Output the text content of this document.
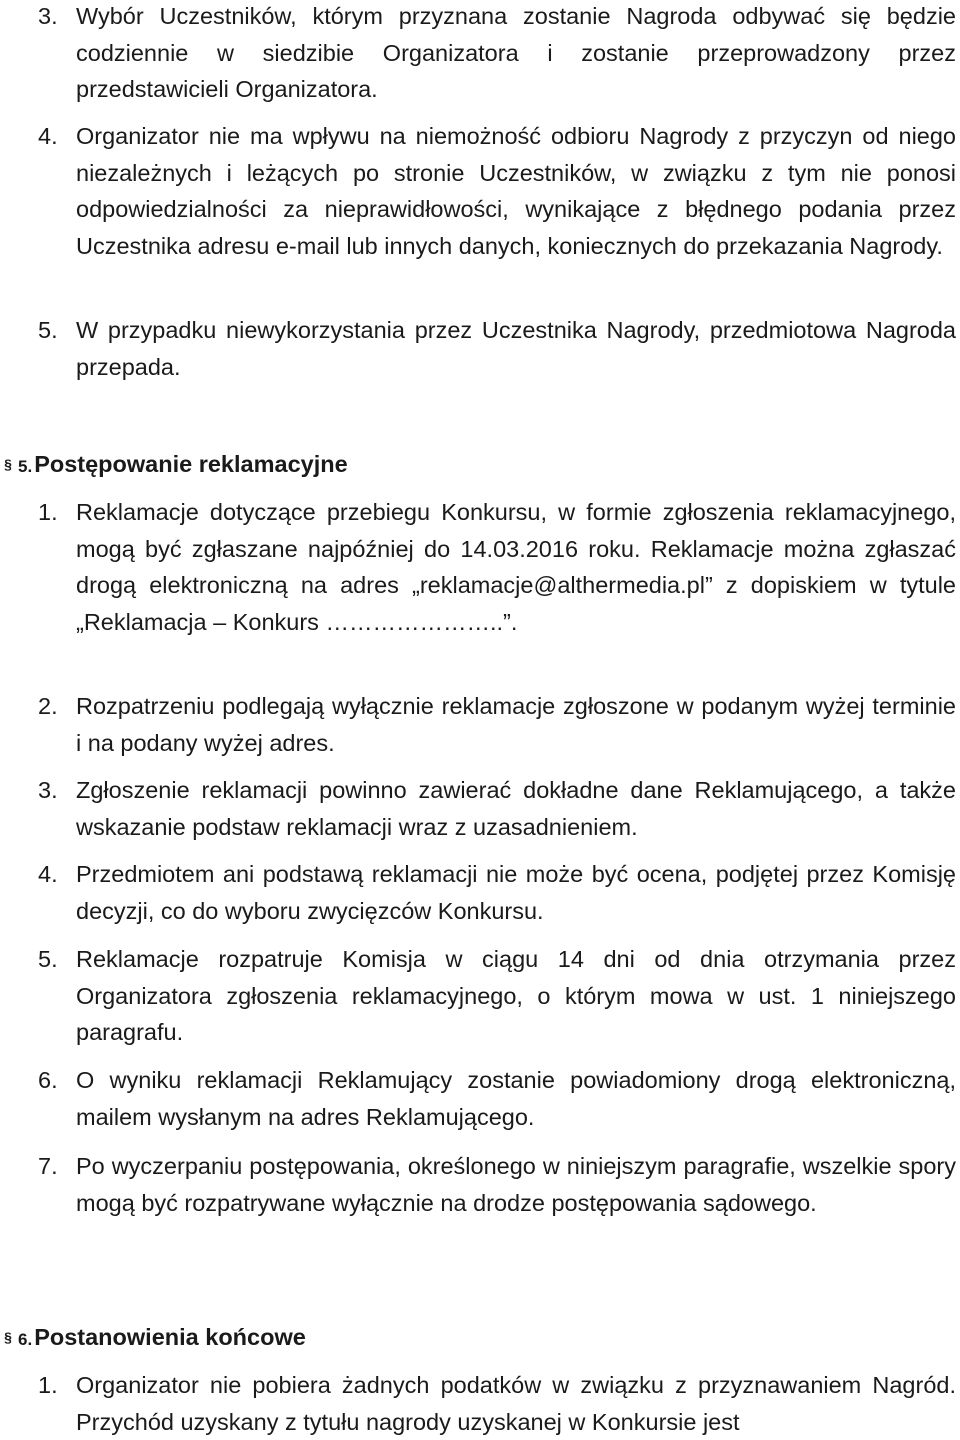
3. Wybór Uczestników, którym przyznana zostanie Nagroda odbywać się będzie codziennie w siedzibie Organizatora i zostanie przeprowadzony przez przedstawicieli Organizatora.
4. Organizator nie ma wpływu na niemożność odbioru Nagrody z przyczyn od niego niezależnych i leżących po stronie Uczestników, w związku z tym nie ponosi odpowiedzialności za nieprawidłowości, wynikające z błędnego podania przez Uczestnika adresu e-mail lub innych danych, koniecznych do przekazania Nagrody.
5. W przypadku niewykorzystania przez Uczestnika Nagrody, przedmiotowa Nagroda przepada.
§ 5.Postępowanie reklamacyjne
1. Reklamacje dotyczące przebiegu Konkursu, w formie zgłoszenia reklamacyjnego, mogą być zgłaszane najpóźniej do 14.03.2016 roku. Reklamacje można zgłaszać drogą elektroniczną na adres „reklamacje@althermedia.pl” z dopiskiem w tytule „Reklamacja – Konkurs …………………..”.
2. Rozpatrzeniu podlegają wyłącznie reklamacje zgłoszone w podanym wyżej terminie i na podany wyżej adres.
3. Zgłoszenie reklamacji powinno zawierać dokładne dane Reklamującego, a także wskazanie podstaw reklamacji wraz z uzasadnieniem.
4. Przedmiotem ani podstawą reklamacji nie może być ocena, podjętej przez Komisję decyzji, co do wyboru zwycięzców Konkursu.
5. Reklamacje rozpatruje Komisja w ciągu 14 dni od dnia otrzymania przez Organizatora zgłoszenia reklamacyjnego, o którym mowa w ust. 1 niniejszego paragrafu.
6. O wyniku reklamacji Reklamujący zostanie powiadomiony drogą elektroniczną, mailem wysłanym na adres Reklamującego.
7. Po wyczerpaniu postępowania, określonego w niniejszym paragrafie, wszelkie spory mogą być rozpatrywane wyłącznie na drodze postępowania sądowego.
§ 6.Postanowienia końcowe
1. Organizator nie pobiera żadnych podatków w związku z przyznawaniem Nagród. Przychód uzyskany z tytułu nagrody uzyskanej w Konkursie jest
